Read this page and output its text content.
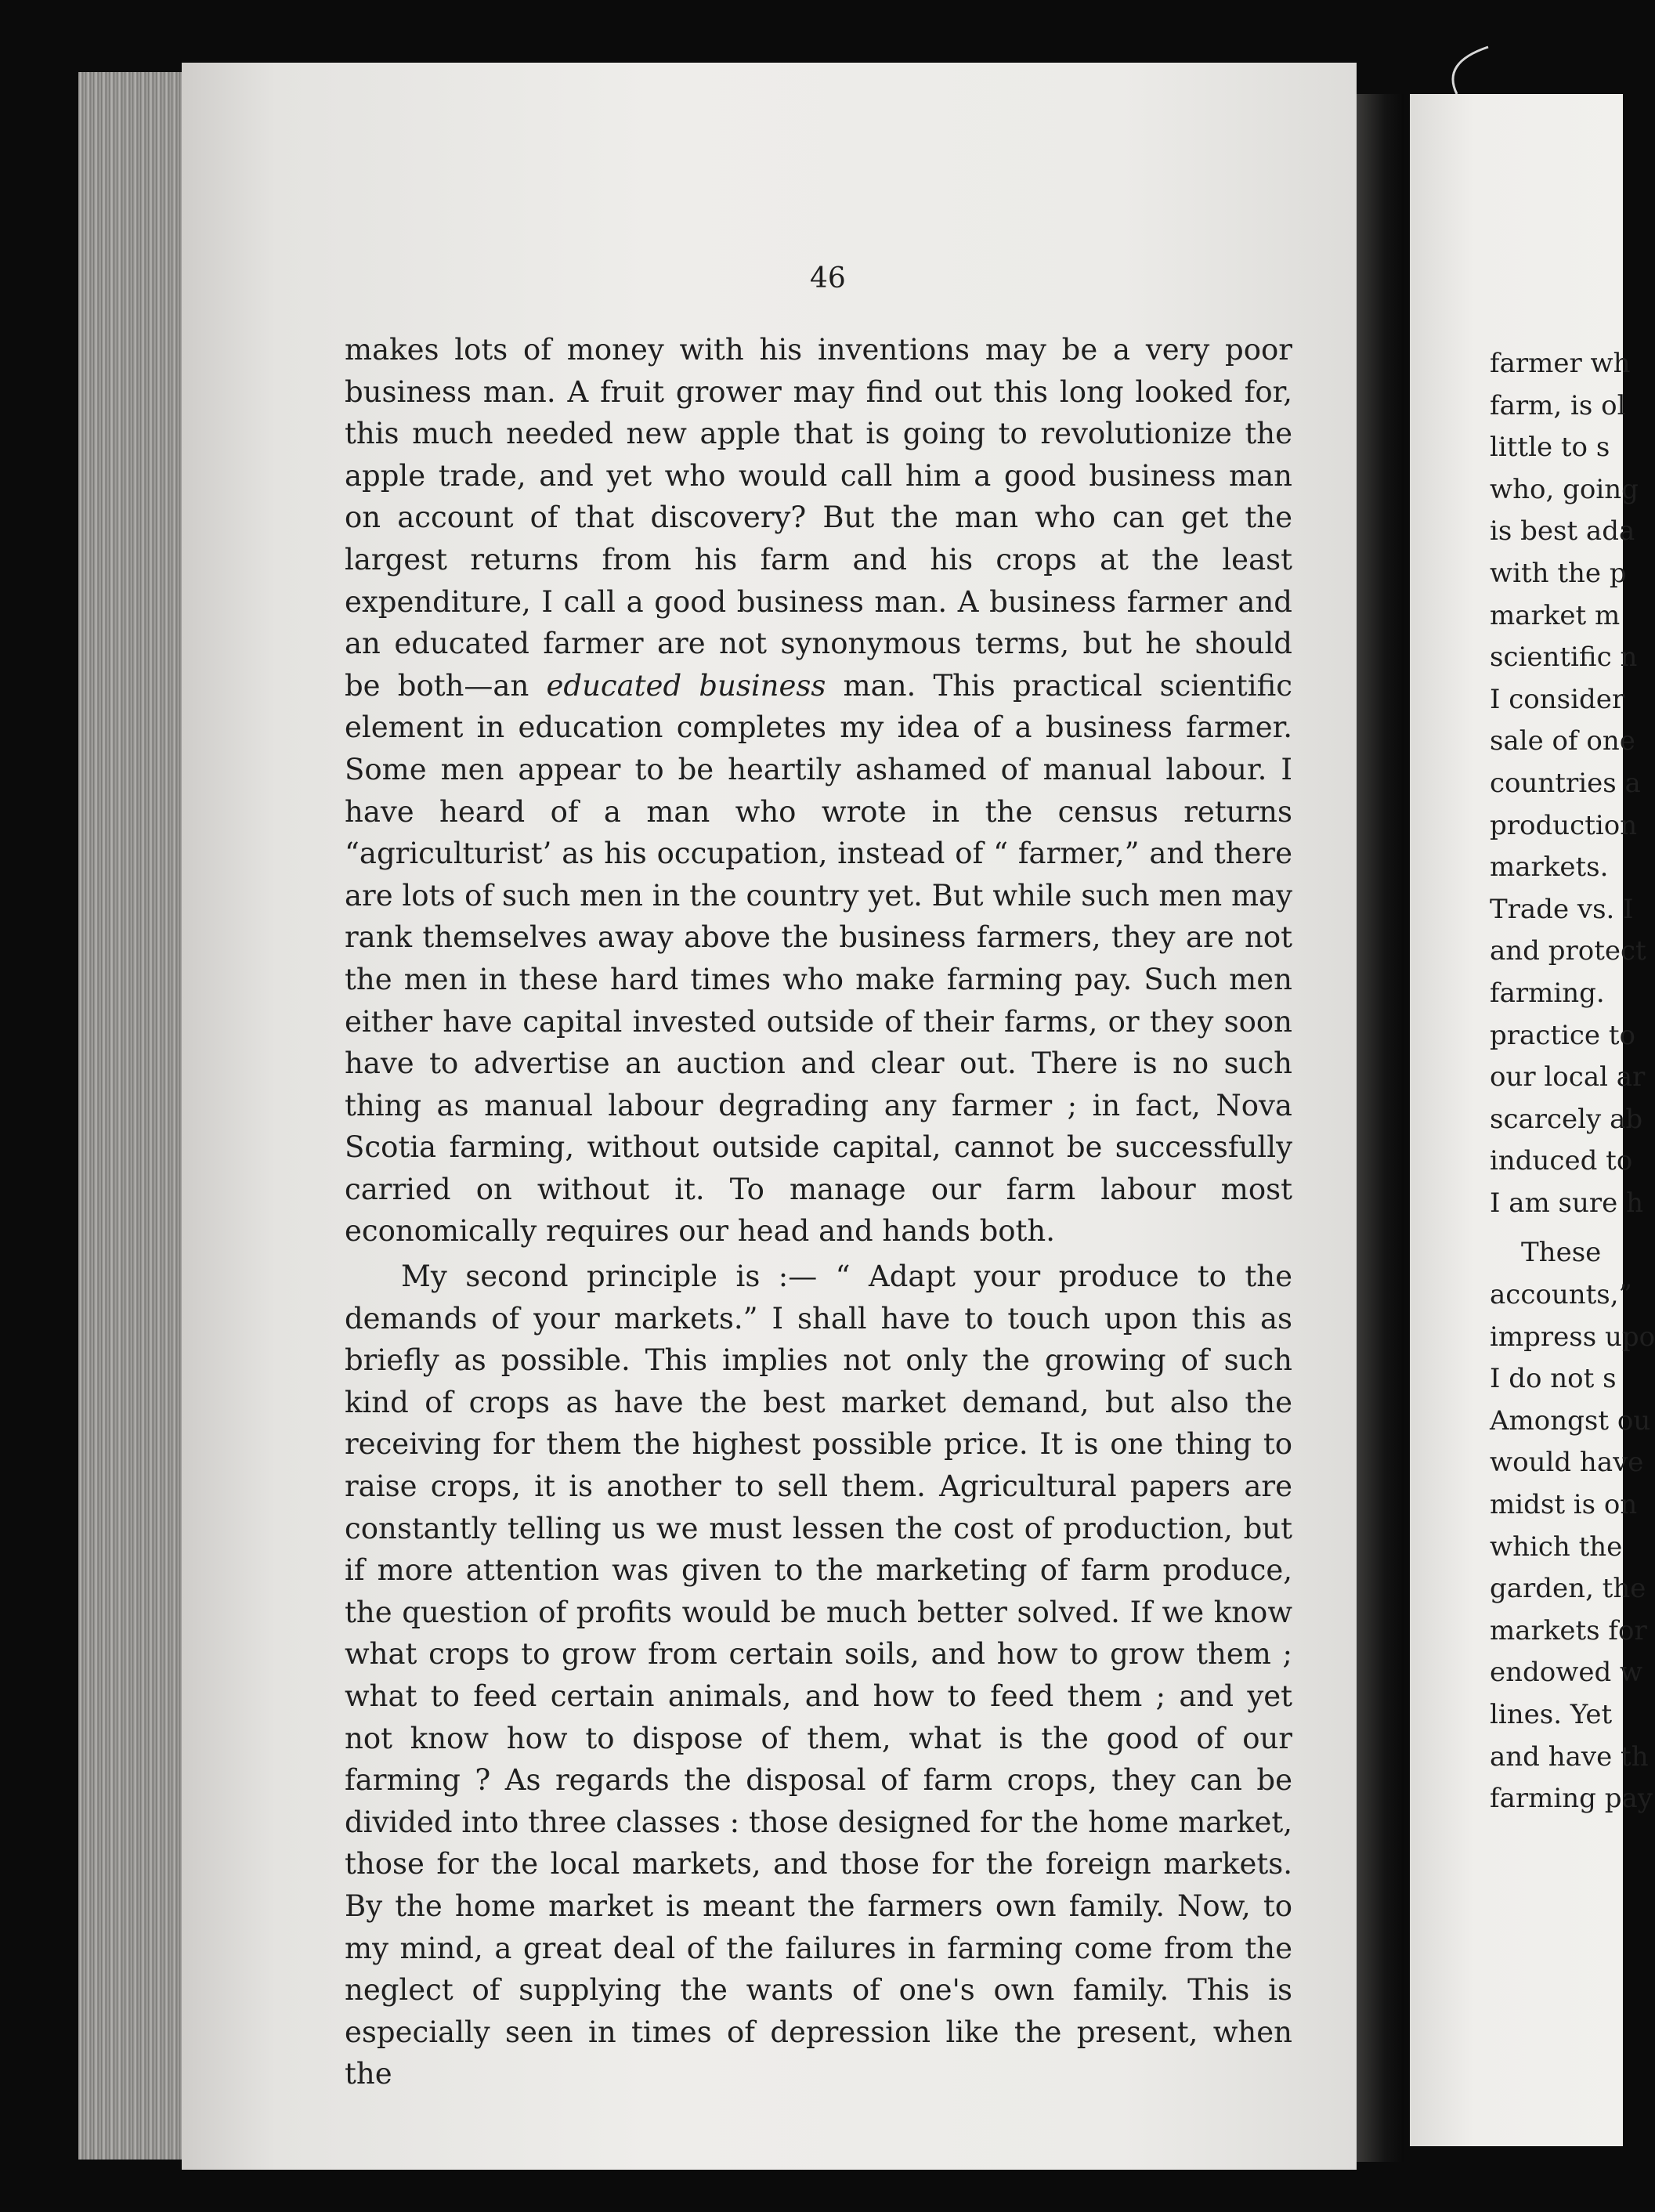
46

makes lots of money with his inventions may be a very poor business man. A fruit grower may find out this long looked for, this much needed new apple that is going to revolutionize the apple trade, and yet who would call him a good business man on account of that discovery? But the man who can get the largest returns from his farm and his crops at the least expenditure, I call a good business man. A business farmer and an educated farmer are not synonymous terms, but he should be both—an educated business man. This practical scientific element in education completes my idea of a business farmer. Some men appear to be heartily ashamed of manual labour. I have heard of a man who wrote in the census returns “agriculturist’ as his occupation, instead of “ farmer,” and there are lots of such men in the country yet. But while such men may rank themselves away above the business farmers, they are not the men in these hard times who make farming pay. Such men either have capital invested outside of their farms, or they soon have to advertise an auction and clear out. There is no such thing as manual labour degrading any farmer ; in fact, Nova Scotia farming, without outside capital, cannot be successfully carried on without it. To manage our farm labour most economically requires our head and hands both.

My second principle is :— “ Adapt your produce to the demands of your markets.” I shall have to touch upon this as briefly as possible. This implies not only the growing of such kind of crops as have the best market demand, but also the receiving for them the highest possible price. It is one thing to raise crops, it is another to sell them. Agricultural papers are constantly telling us we must lessen the cost of production, but if more attention was given to the marketing of farm produce, the question of profits would be much better solved. If we know what crops to grow from certain soils, and how to grow them ; what to feed certain animals, and how to feed them ; and yet not know how to dispose of them, what is the good of our farming ? As regards the disposal of farm crops, they can be divided into three classes : those designed for the home market, those for the local markets, and those for the foreign markets. By the home market is meant the farmers own family. Now, to my mind, a great deal of the failures in farming come from the neglect of supplying the wants of one's own family. This is especially seen in times of depression like the present, when the

farmer wh
farm, is ol
little to s
who, going
is best ada
with the p
market m
scientific n
I consider
sale of one
countries a
production
markets.
Trade vs. I
and protect
farming.
practice to
our local ar
scarcely ab
induced to
I am sure h
These
accounts,”
impress upo
I do not s
Amongst ou
would have
midst is on
which the
garden, the
markets for
endowed w
lines. Yet
and have th
farming pay
